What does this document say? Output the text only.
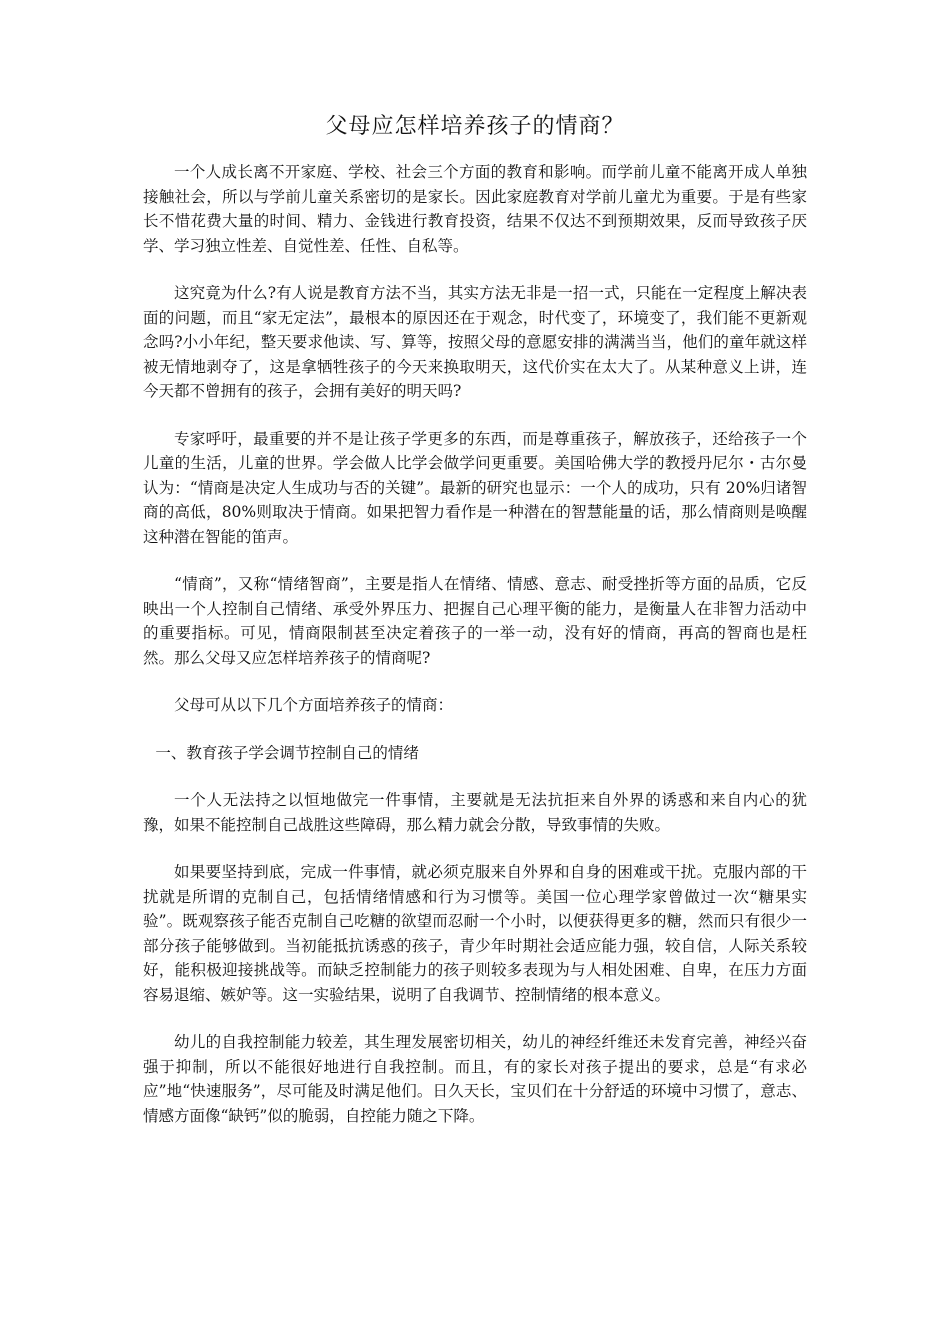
父母应怎样培养孩子的情商？

一个人成长离不开家庭、学校、社会三个方面的教育和影响。而学前儿童不能离开成人单独接触社会，所以与学前儿童关系密切的是家长。因此家庭教育对学前儿童尤为重要。于是有些家长不惜花费大量的时间、精力、金钱进行教育投资，结果不仅达不到预期效果，反而导致孩子厌学、学习独立性差、自觉性差、任性、自私等。

这究竟为什么?有人说是教育方法不当，其实方法无非是一招一式，只能在一定程度上解决表面的问题，而且“家无定法”，最根本的原因还在于观念，时代变了，环境变了，我们能不更新观念吗?小小年纪，整天要求他读、写、算等，按照父母的意愿安排的满满当当，他们的童年就这样被无情地剥夺了，这是拿牺牲孩子的今天来换取明天，这代价实在太大了。从某种意义上讲，连今天都不曾拥有的孩子，会拥有美好的明天吗?

专家呼吁，最重要的并不是让孩子学更多的东西，而是尊重孩子，解放孩子，还给孩子一个儿童的生活，儿童的世界。学会做人比学会做学问更重要。美国哈佛大学的教授丹尼尔・古尔曼认为：“情商是决定人生成功与否的关键”。最新的研究也显示：一个人的成功，只有 20%归诸智商的高低，80%则取决于情商。如果把智力看作是一种潜在的智慧能量的话，那么情商则是唤醒这种潜在智能的笛声。

“情商”，又称“情绪智商”，主要是指人在情绪、情感、意志、耐受挫折等方面的品质，它反映出一个人控制自己情绪、承受外界压力、把握自己心理平衡的能力，是衡量人在非智力活动中的重要指标。可见，情商限制甚至决定着孩子的一举一动，没有好的情商，再高的智商也是枉然。那么父母又应怎样培养孩子的情商呢?

父母可从以下几个方面培养孩子的情商：

一、教育孩子学会调节控制自己的情绪

一个人无法持之以恒地做完一件事情，主要就是无法抗拒来自外界的诱惑和来自内心的犹豫，如果不能控制自己战胜这些障碍，那么精力就会分散，导致事情的失败。

如果要坚持到底，完成一件事情，就必须克服来自外界和自身的困难或干扰。克服内部的干扰就是所谓的克制自己，包括情绪情感和行为习惯等。美国一位心理学家曾做过一次“糖果实验”。既观察孩子能否克制自己吃糖的欲望而忍耐一个小时，以便获得更多的糖，然而只有很少一部分孩子能够做到。当初能抵抗诱惑的孩子，青少年时期社会适应能力强，较自信，人际关系较好，能积极迎接挑战等。而缺乏控制能力的孩子则较多表现为与人相处困难、自卑，在压力方面容易退缩、嫉妒等。这一实验结果，说明了自我调节、控制情绪的根本意义。

幼儿的自我控制能力较差，其生理发展密切相关，幼儿的神经纤维还未发育完善，神经兴奋强于抑制，所以不能很好地进行自我控制。而且，有的家长对孩子提出的要求，总是“有求必应”地“快速服务”，尽可能及时满足他们。日久天长，宝贝们在十分舒适的环境中习惯了，意志、情感方面像“缺钙”似的脆弱，自控能力随之下降。
